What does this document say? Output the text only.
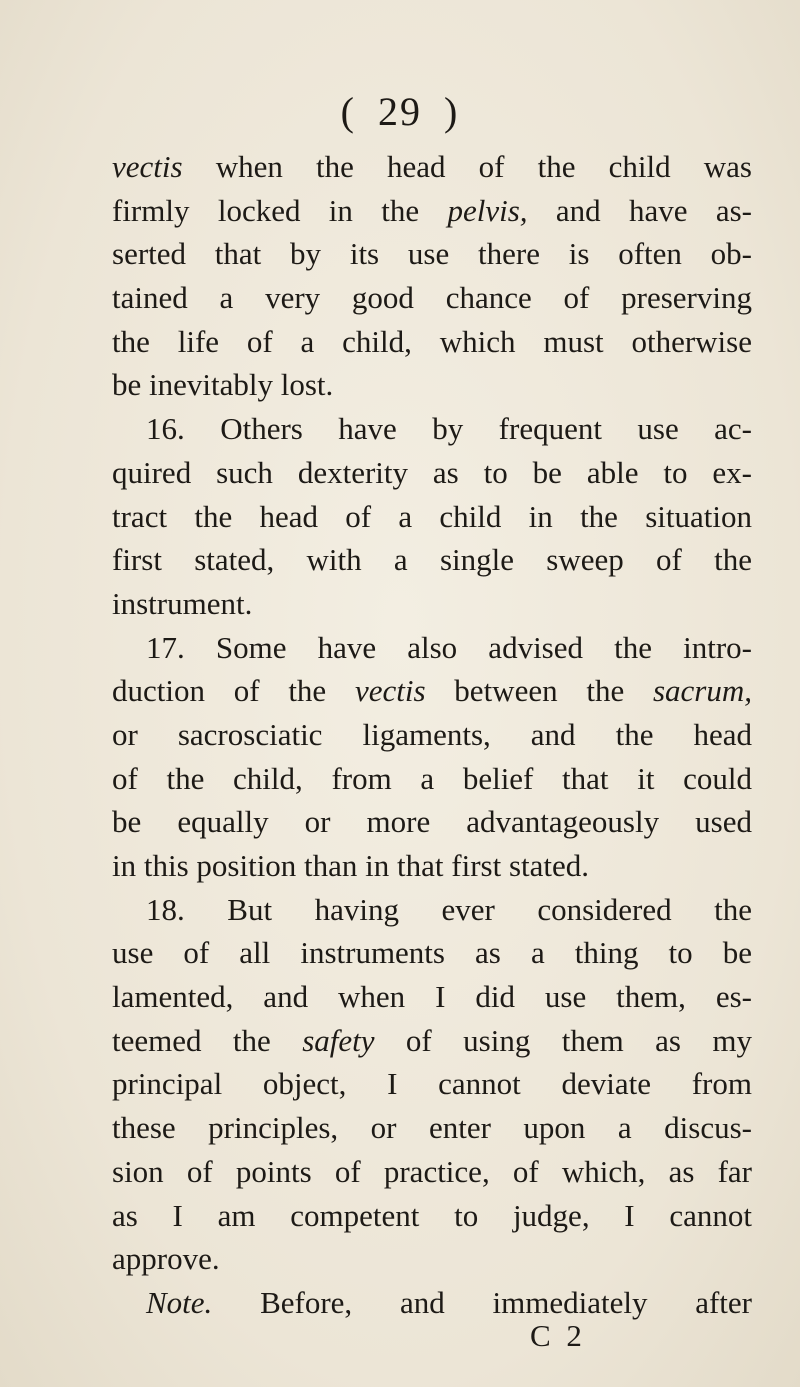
( 29 )
vectis when the head of the child was
firmly locked in the pelvis, and have as-
serted that by its use there is often ob-
tained a very good chance of preserving
the life of a child, which must otherwise
be inevitably lost.
16. Others have by frequent use ac-
quired such dexterity as to be able to ex-
tract the head of a child in the situation
first stated, with a single sweep of the
instrument.
17. Some have also advised the intro-
duction of the vectis between the sacrum,
or sacrosciatic ligaments, and the head
of the child, from a belief that it could
be equally or more advantageously used
in this position than in that first stated.
18. But having ever considered the
use of all instruments as a thing to be
lamented, and when I did use them, es-
teemed the safety of using them as my
principal object, I cannot deviate from
these principles, or enter upon a discus-
sion of points of practice, of which, as far
as I am competent to judge, I cannot
approve.
Note. Before, and immediately after
C 2
